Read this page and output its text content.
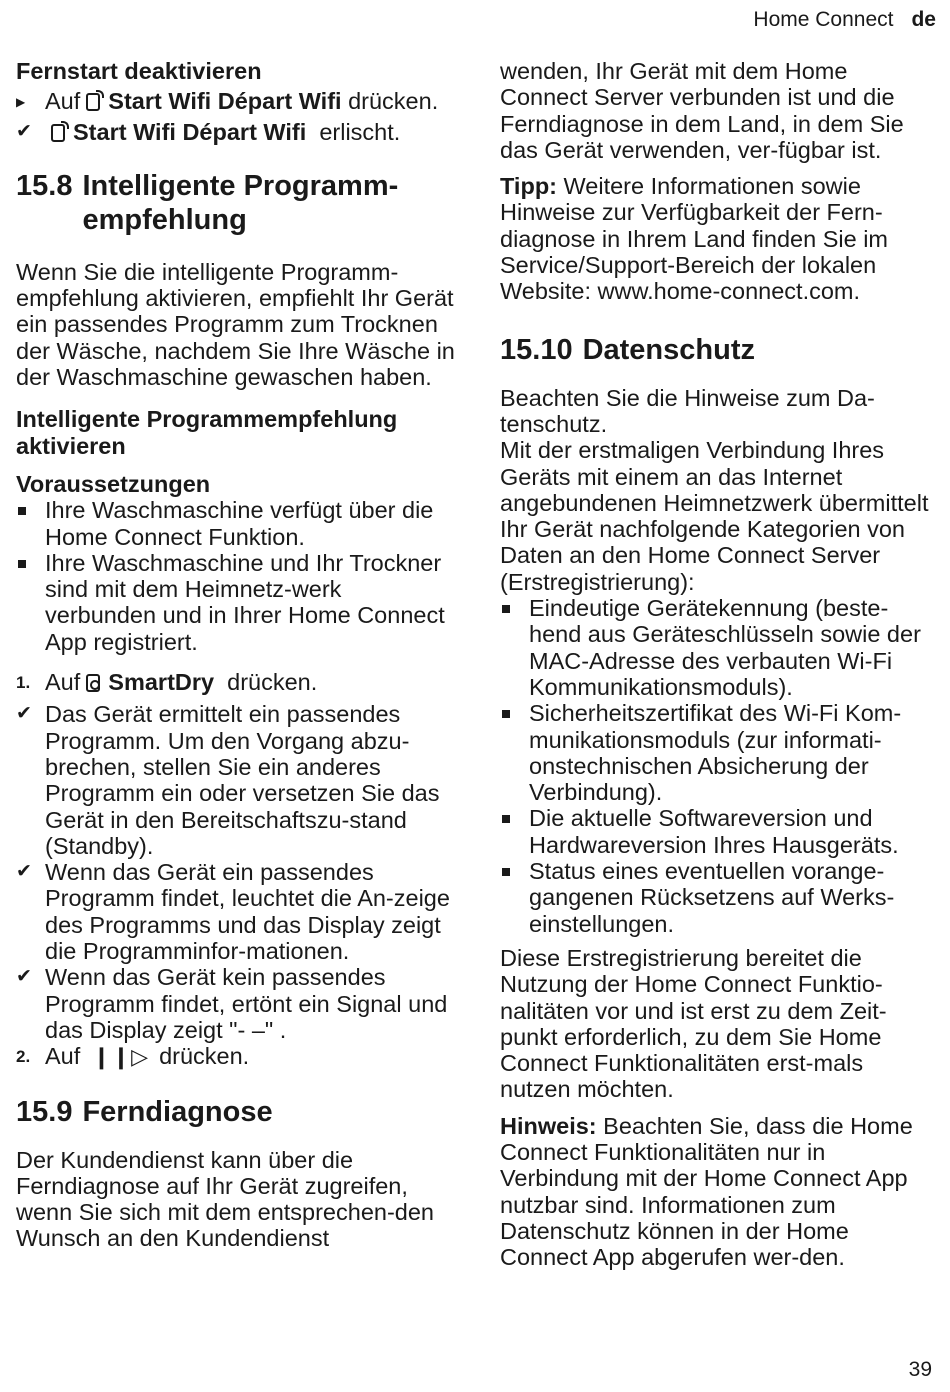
Home Connect de

Fernstart deaktivieren

▶ Auf Start Wifi Départ Wifi drücken.
✔	Start Wifi Départ Wifi erlischt.
15.8 Intelligente Programm-empfehlung

Wenn Sie die intelligente Programm-empfehlung aktivieren, empfiehlt Ihr Gerät ein passendes Programm zum Trocknen der Wäsche, nachdem Sie Ihre Wäsche in der Waschmaschine gewaschen haben.

Intelligente Programmempfehlung aktivieren

Voraussetzungen

Ihre Waschmaschine verfügt über die Home Connect Funktion.
Ihre Waschmaschine und Ihr Trockner sind mit dem Heimnetz-werk verbunden und in Ihrer Home Connect App registriert.
1. Auf SmartDry drücken.
✔ Das Gerät ermittelt ein passendes Programm. Um den Vorgang abzu-brechen, stellen Sie ein anderes Programm ein oder versetzen Sie das Gerät in den Bereitschaftszu-stand (Standby).
✔ Wenn das Gerät ein passendes Programm findet, leuchtet die An-zeige des Programms und das Display zeigt die Programminfor-mationen.
✔ Wenn das Gerät kein passendes Programm findet, ertönt ein Signal und das Display zeigt "- –" .
2. Auf ❙❙▷ drücken.
15.9 Ferndiagnose

Der Kundendienst kann über die Ferndiagnose auf Ihr Gerät zugreifen, wenn Sie sich mit dem entsprechen-den Wunsch an den Kundendienst

wenden, Ihr Gerät mit dem Home Connect Server verbunden ist und die Ferndiagnose in dem Land, in dem Sie das Gerät verwenden, ver-fügbar ist.

Tipp: Weitere Informationen sowie Hinweise zur Verfügbarkeit der Fern-diagnose in Ihrem Land finden Sie im Service/Support-Bereich der lokalen Website: www.home-connect.com.

15.10 Datenschutz

Beachten Sie die Hinweise zum Da-tenschutz.

Mit der erstmaligen Verbindung Ihres Geräts mit einem an das Internet angebundenen Heimnetzwerk übermittelt Ihr Gerät nachfolgende Kategorien von Daten an den Home Connect Server (Erstregistrierung):

Eindeutige Gerätekennung (beste-hend aus Geräteschlüsseln sowie der MAC-Adresse des verbauten Wi-Fi Kommunikationsmoduls).
Sicherheitszertifikat des Wi-Fi Kom-munikationsmoduls (zur informati-onstechnischen Absicherung der Verbindung).
Die aktuelle Softwareversion und Hardwareversion Ihres Hausgeräts.
Status eines eventuellen vorange-gangenen Rücksetzens auf Werks-einstellungen.

Diese Erstregistrierung bereitet die Nutzung der Home Connect Funktio-nalitäten vor und ist erst zu dem Zeit-punkt erforderlich, zu dem Sie Home Connect Funktionalitäten erst-mals nutzen möchten.

Hinweis: Beachten Sie, dass die Home Connect Funktionalitäten nur in Verbindung mit der Home Connect App nutzbar sind. Informationen zum Datenschutz können in der Home Connect App abgerufen wer-den.

39
